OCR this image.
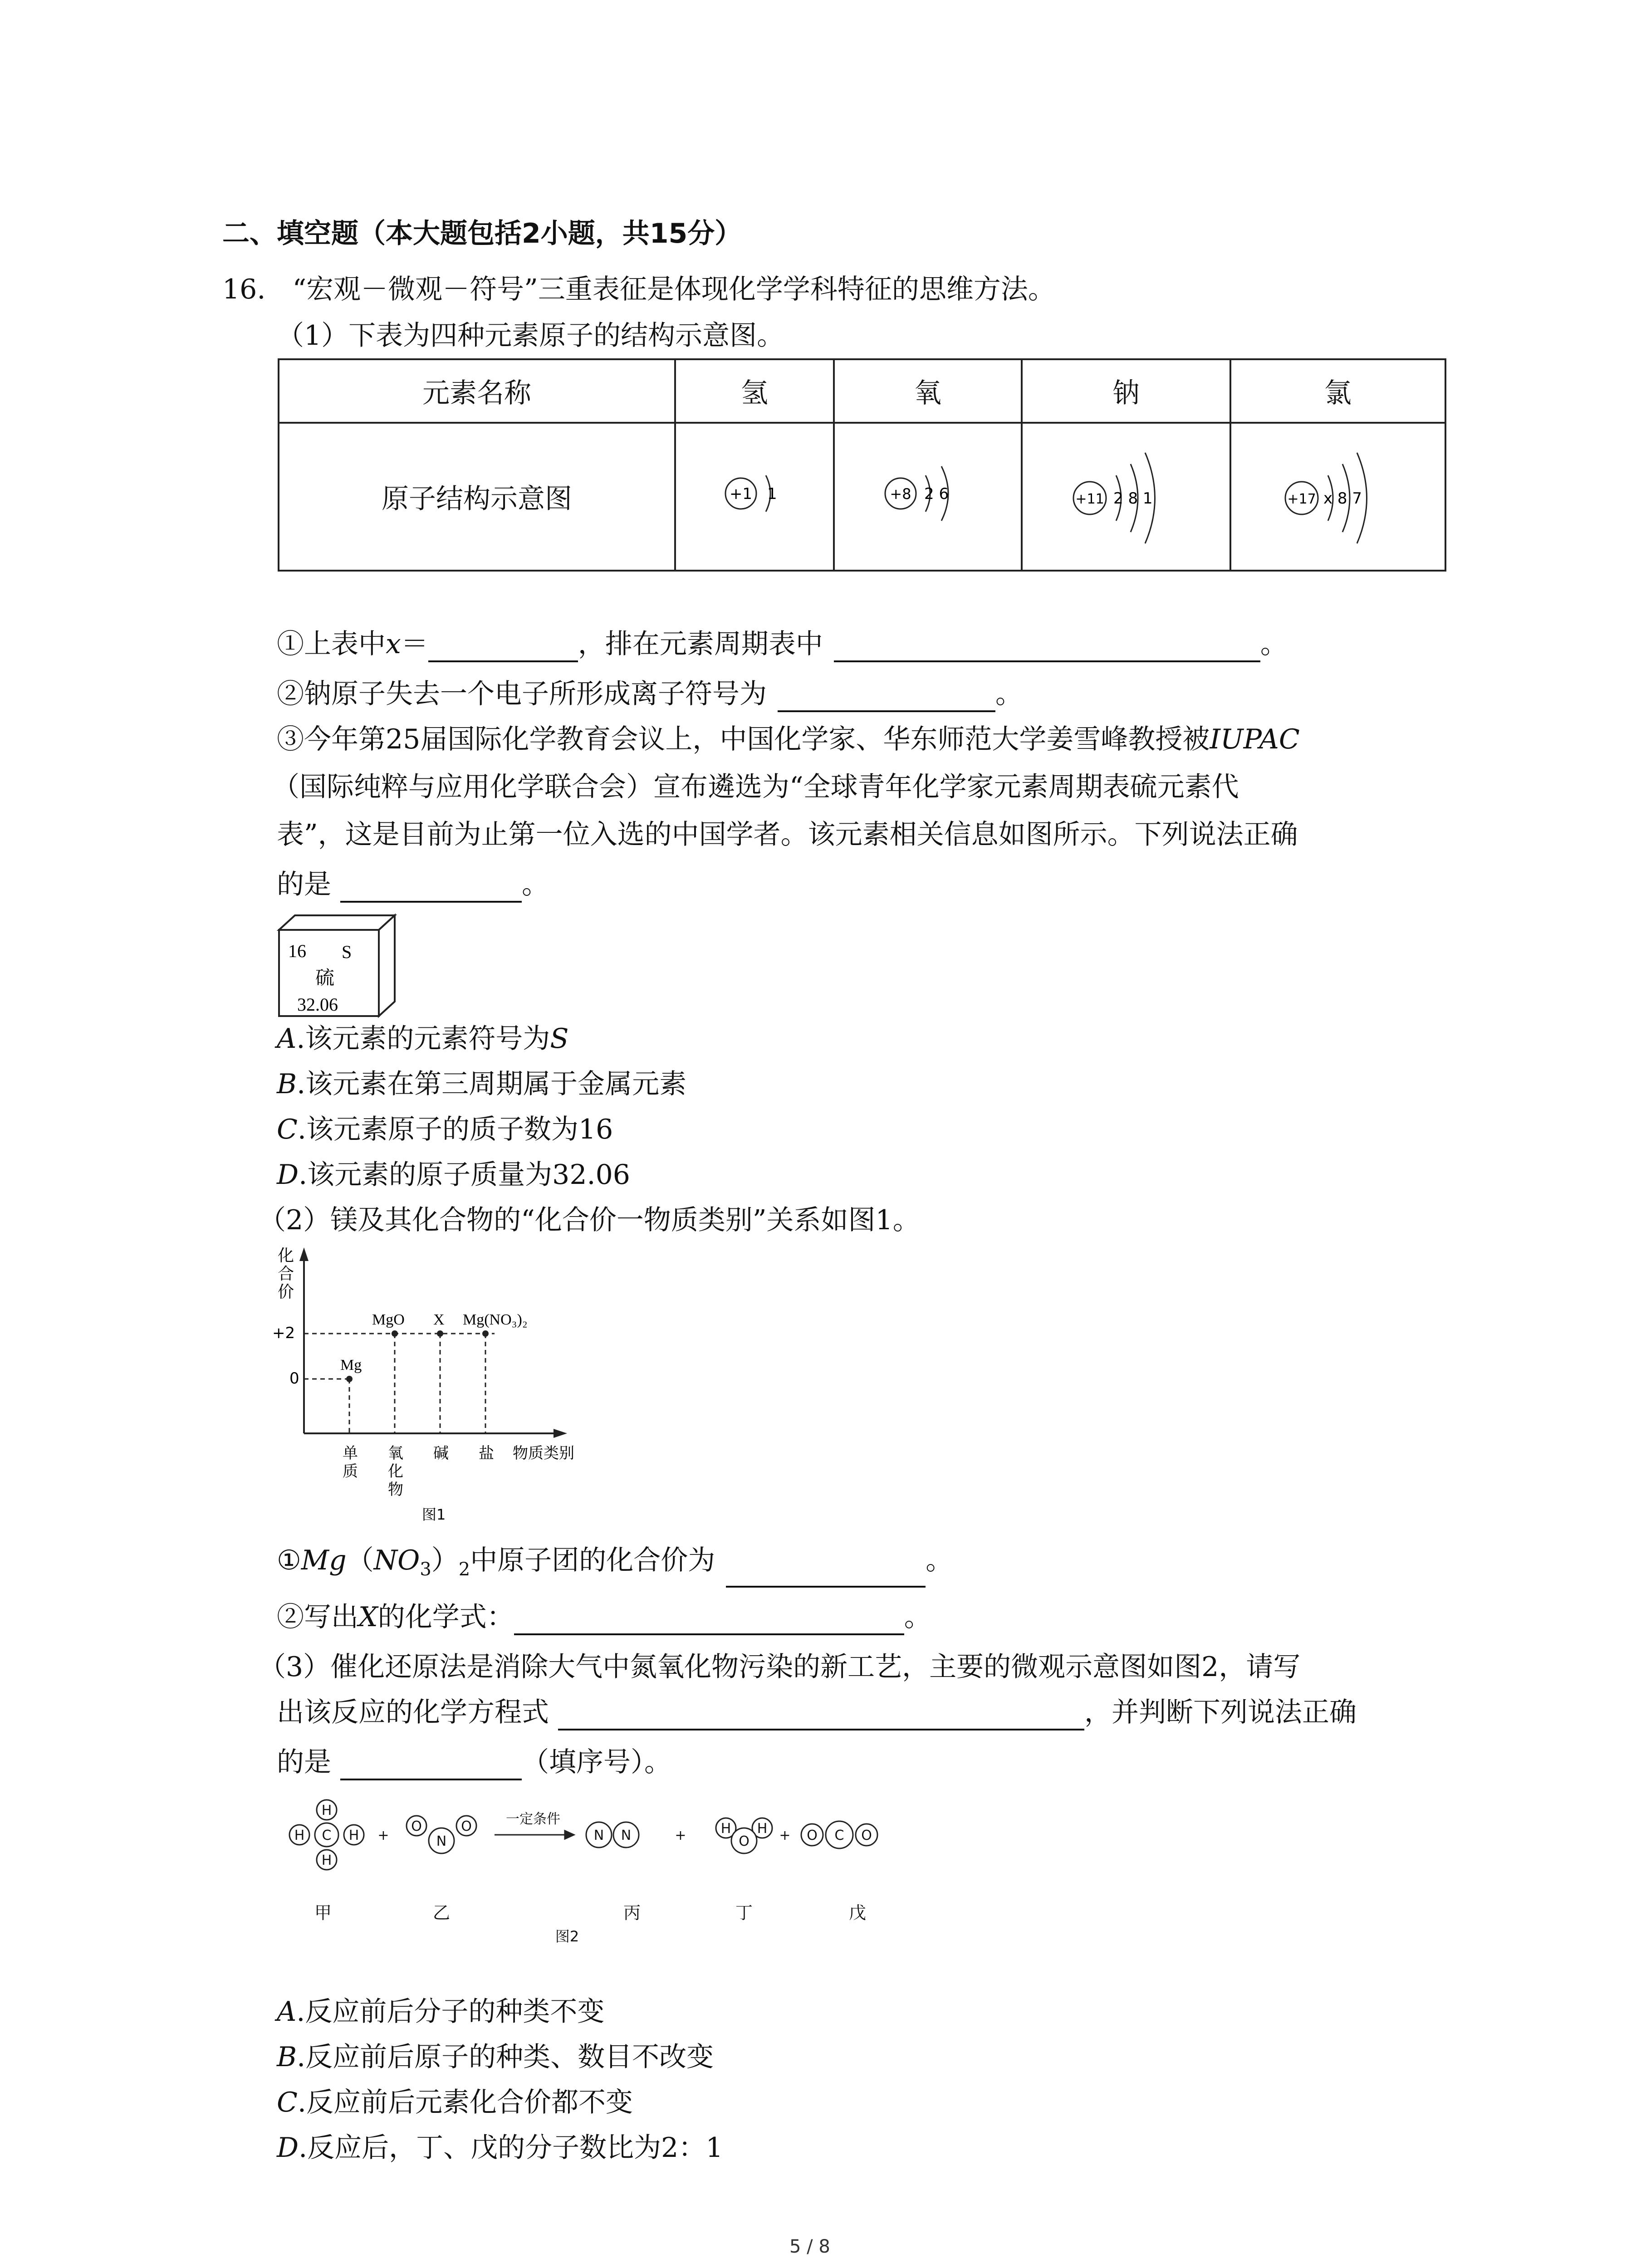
二、填空题（本大题包括2小题，共15分）
16. “宏观－微观－符号”三重表征是体现化学学科特征的思维方法。
（1）下表为四种元素原子的结构示意图。
元素名称	氢	氧	钠	氯
原子结构示意图	+1 1	+8 2 6	+11 2 8 1	+17 x 8 7
①上表中x＝	，排在元素周期表中	。
②钠原子失去一个电子所形成离子符号为	。
③今年第25届国际化学教育会议上，中国化学家、华东师范大学姜雪峰教授被IUPAC
（国际纯粹与应用化学联合会）宣布遴选为“全球青年化学家元素周期表硫元素代
表”，这是目前为止第一位入选的中国学者。该元素相关信息如图所示。下列说法正确
的是	。
16 S
硫
32.06
A.该元素的元素符号为S
B.该元素在第三周期属于金属元素
C.该元素原子的质子数为16
D.该元素的原子质量为32.06
（2）镁及其化合物的“化合价一物质类别”关系如图1。
化
合
价
+2
0
Mg
MgO X Mg(NO₃)₂
单
质
氧
化
物
碱 盐 物质类别
图1
$①Mg(NO_3)_2$中原子团的化合价为	。
②写出X的化学式：	。
（3）催化还原法是消除大气中氮氧化物污染的新工艺，主要的微观示意图如图2，请写
出该反应的化学方程式	，并判断下列说法正确
的是	（填序号）。
C
H
H
H	H +
O	O
N
一定条件
N N	+	H H
O + O C O
甲	乙	丙	丁	戊
图2
A.反应前后分子的种类不变
B.反应前后原子的种类、数目不改变
C.反应前后元素化合价都不变
D.反应后，丁、戊的分子数比为2：1
5 / 8
